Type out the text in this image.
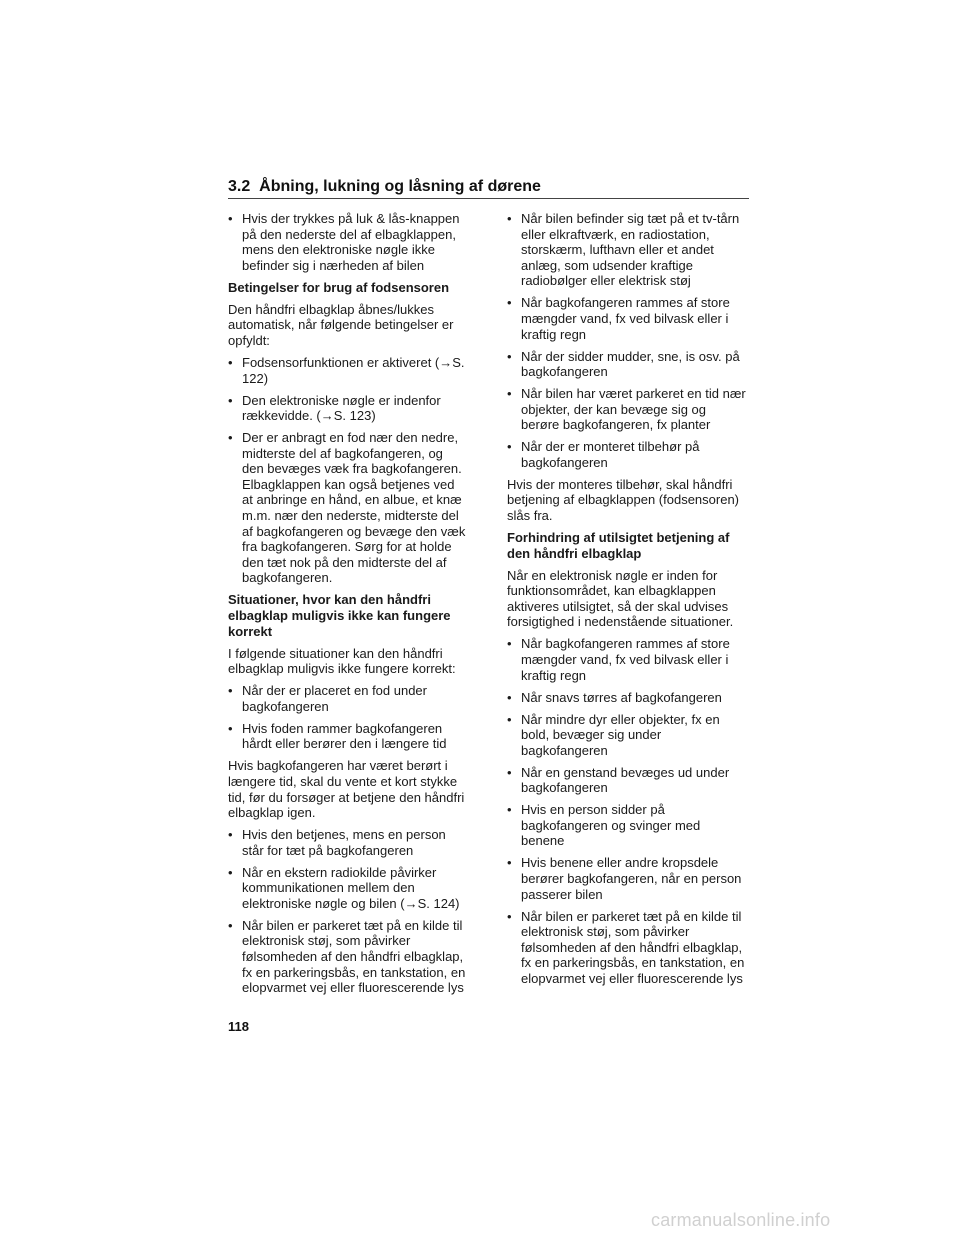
3.2 Åbning, lukning og låsning af dørene
• Hvis der trykkes på luk & lås-knappen på den nederste del af elbagklappen, mens den elektroniske nøgle ikke befinder sig i nærheden af bilen
Betingelser for brug af fodsensoren
Den håndfri elbagklap åbnes/lukkes automatisk, når følgende betingelser er opfyldt:
• Fodsensorfunktionen er aktiveret (→S. 122)
• Den elektroniske nøgle er indenfor rækkevidde. (→S. 123)
• Der er anbragt en fod nær den nedre, midterste del af bagkofangeren, og den bevæges væk fra bagkofangeren. Elbagklappen kan også betjenes ved at anbringe en hånd, en albue, et knæ m.m. nær den nederste, midterste del af bagkofangeren og bevæge den væk fra bagkofangeren. Sørg for at holde den tæt nok på den midterste del af bagkofangeren.
Situationer, hvor kan den håndfri elbagklap muligvis ikke kan fungere korrekt
I følgende situationer kan den håndfri elbagklap muligvis ikke fungere korrekt:
• Når der er placeret en fod under bagkofangeren
• Hvis foden rammer bagkofangeren hårdt eller berører den i længere tid
Hvis bagkofangeren har været berørt i længere tid, skal du vente et kort stykke tid, før du forsøger at betjene den håndfri elbagklap igen.
• Hvis den betjenes, mens en person står for tæt på bagkofangeren
• Når en ekstern radiokilde påvirker kommunikationen mellem den elektroniske nøgle og bilen (→S. 124)
• Når bilen er parkeret tæt på en kilde til elektronisk støj, som påvirker følsomheden af den håndfri elbagklap, fx en parkeringsbås, en tankstation, en elopvarmet vej eller fluorescerende lys
• Når bilen befinder sig tæt på et tv-tårn eller elkraftværk, en radiostation, storskærm, lufthavn eller et andet anlæg, som udsender kraftige radiobølger eller elektrisk støj
• Når bagkofangeren rammes af store mængder vand, fx ved bilvask eller i kraftig regn
• Når der sidder mudder, sne, is osv. på bagkofangeren
• Når bilen har været parkeret en tid nær objekter, der kan bevæge sig og berøre bagkofangeren, fx planter
• Når der er monteret tilbehør på bagkofangeren
Hvis der monteres tilbehør, skal håndfri betjening af elbagklappen (fodsensoren) slås fra.
Forhindring af utilsigtet betjening af den håndfri elbagklap
Når en elektronisk nøgle er inden for funktionsområdet, kan elbagklappen aktiveres utilsigtet, så der skal udvises forsigtighed i nedenstående situationer.
• Når bagkofangeren rammes af store mængder vand, fx ved bilvask eller i kraftig regn
• Når snavs tørres af bagkofangeren
• Når mindre dyr eller objekter, fx en bold, bevæger sig under bagkofangeren
• Når en genstand bevæges ud under bagkofangeren
• Hvis en person sidder på bagkofangeren og svinger med benene
• Hvis benene eller andre kropsdele berører bagkofangeren, når en person passerer bilen
• Når bilen er parkeret tæt på en kilde til elektronisk støj, som påvirker følsomheden af den håndfri elbagklap, fx en parkeringsbås, en tankstation, en elopvarmet vej eller fluorescerende lys
118
carmanualsonline.info
